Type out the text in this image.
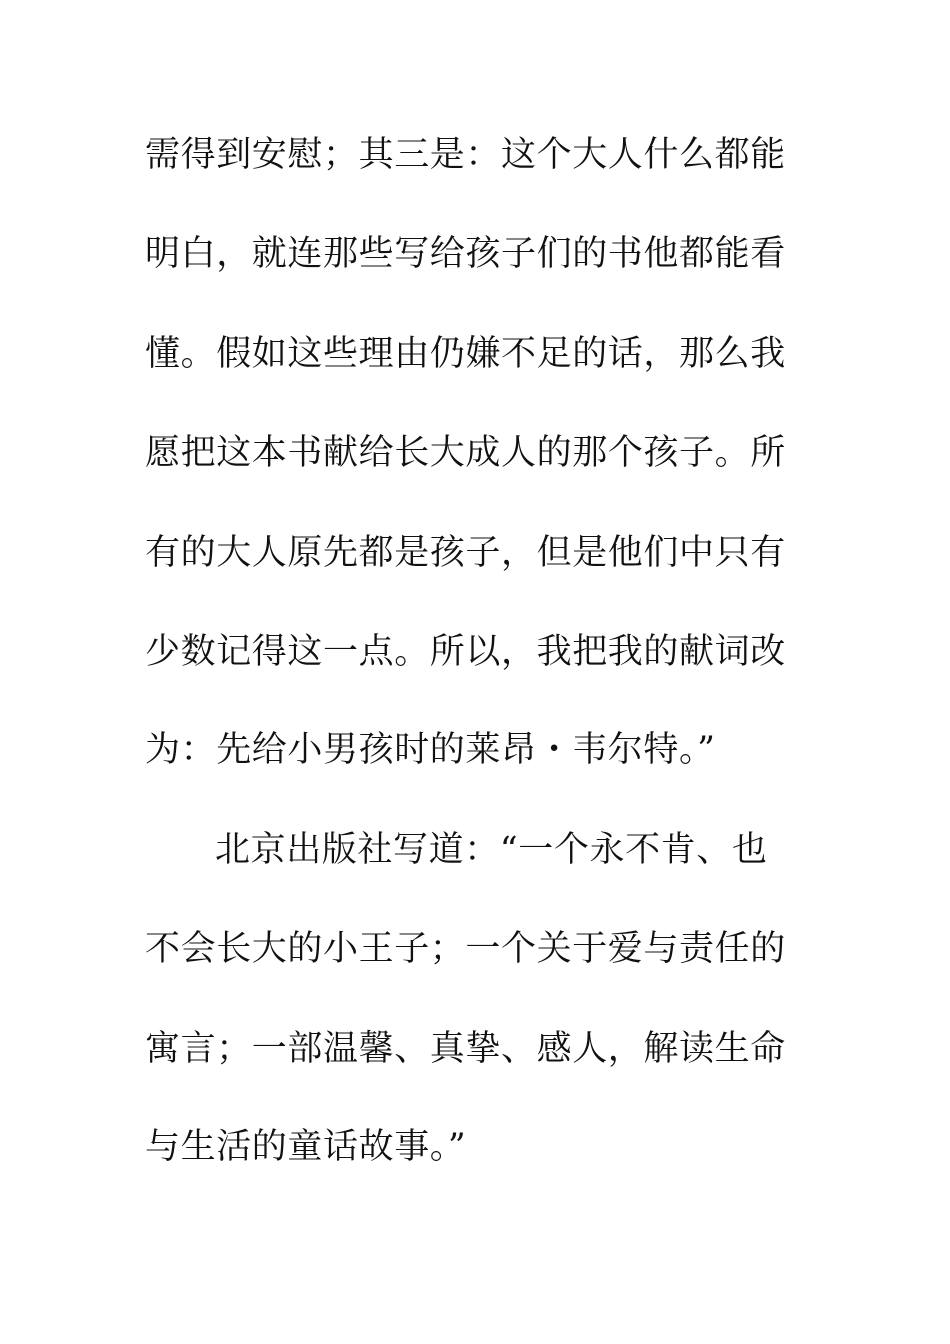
需得到安慰；其三是：这个大人什么都能
明白，就连那些写给孩子们的书他都能看
懂。假如这些理由仍嫌不足的话，那么我
愿把这本书献给长大成人的那个孩子。所
有的大人原先都是孩子，但是他们中只有
少数记得这一点。所以，我把我的献词改
为：先给小男孩时的莱昂・韦尔特。”
北京出版社写道：“一个永不肯、也
不会长大的小王子；一个关于爱与责任的
寓言；一部温馨、真挚、感人，解读生命
与生活的童话故事。”
